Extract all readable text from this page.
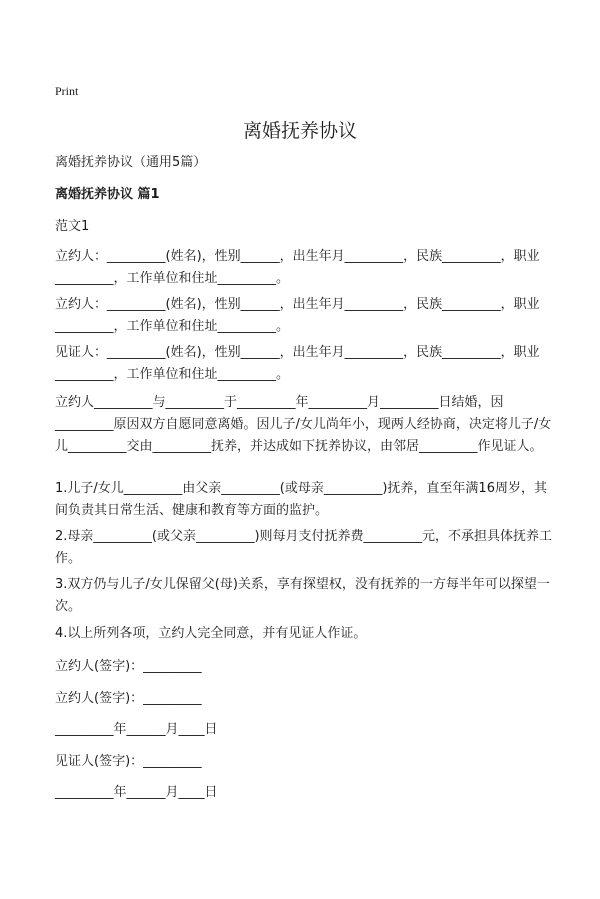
Print
离婚抚养协议

离婚抚养协议（通用5篇）

离婚抚养协议 篇1

范文1

立约人：_________(姓名)，性别______，出生年月_________，民族_________，职业_________，工作单位和住址_________。

立约人：_________(姓名)，性别______，出生年月_________，民族_________，职业_________，工作单位和住址_________。

见证人：_________(姓名)，性别______，出生年月_________，民族_________，职业_________，工作单位和住址_________。

立约人_________与_________于_________年_________月_________日结婚，因_________原因双方自愿同意离婚。因儿子/女儿尚年小，现两人经协商，决定将儿子/女儿_________交由_________抚养，并达成如下抚养协议，由邻居_________作见证人。

1.儿子/女儿_________由父亲_________(或母亲_________)抚养，直至年满16周岁，其间负责其日常生活、健康和教育等方面的监护。

2.母亲_________(或父亲_________)则每月支付抚养费_________元，不承担具体抚养工作。

3.双方仍与儿子/女儿保留父(母)关系，享有探望权，没有抚养的一方每半年可以探望一次。

4.以上所列各项，立约人完全同意，并有见证人作证。

立约人(签字)：_________

立约人(签字)：_________

_________年______月____日

见证人(签字)：_________

_________年______月____日
